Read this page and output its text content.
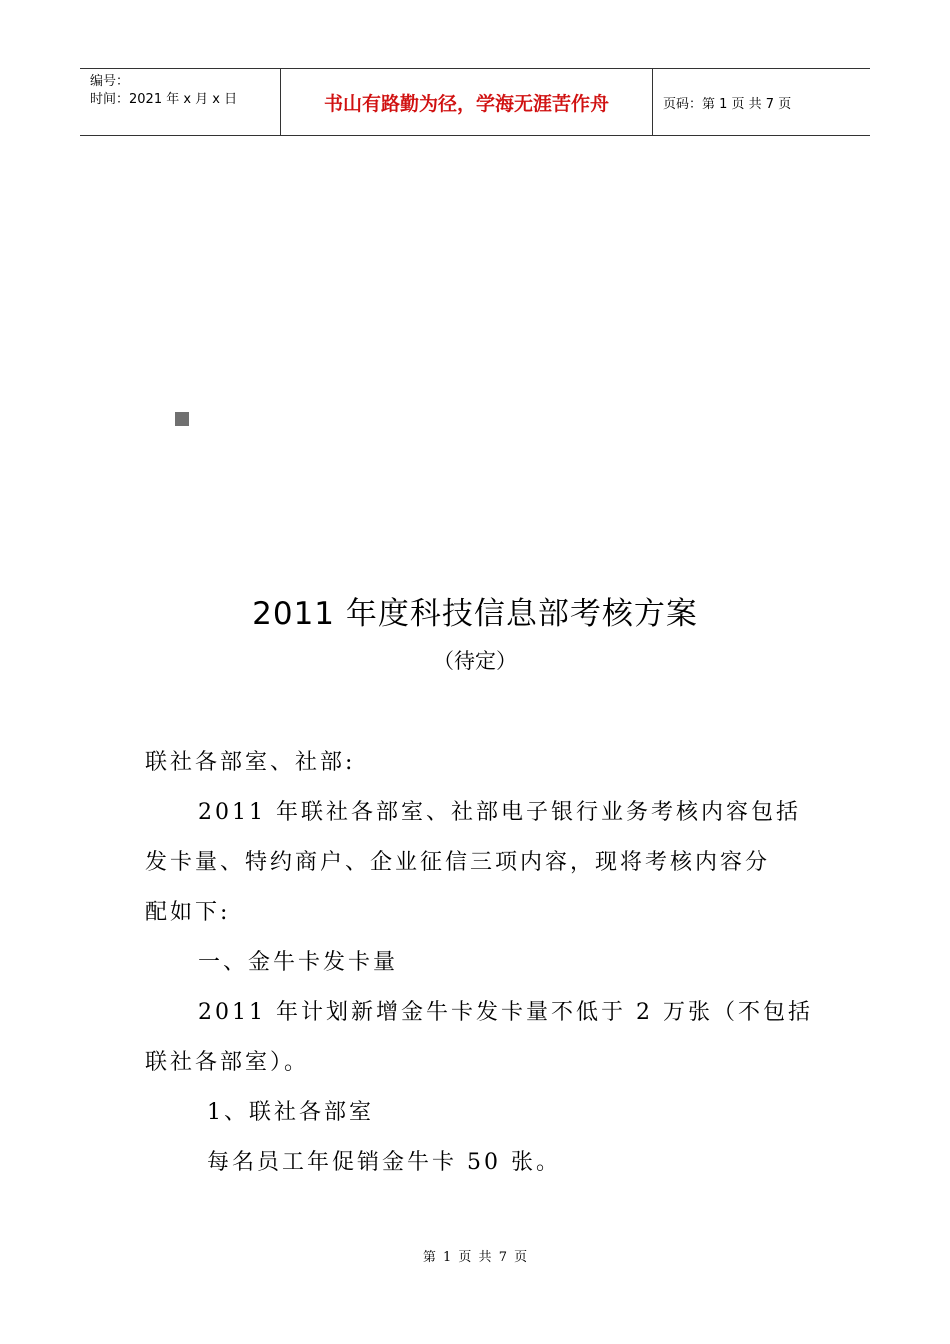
编号：
时间：2021 年 x 月 x 日	书山有路勤为径，学海无涯苦作舟	页码：第 1 页 共 7 页
2011 年度科技信息部考核方案
（待定）
联社各部室、社部:
2011 年联社各部室、社部电子银行业务考核内容包括
发卡量、特约商户、企业征信三项内容，现将考核内容分
配如下:
一、金牛卡发卡量
2011 年计划新增金牛卡发卡量不低于 2 万张（不包括
联社各部室）。
1、联社各部室
每名员工年促销金牛卡 50 张。
第 1 页 共 7 页
